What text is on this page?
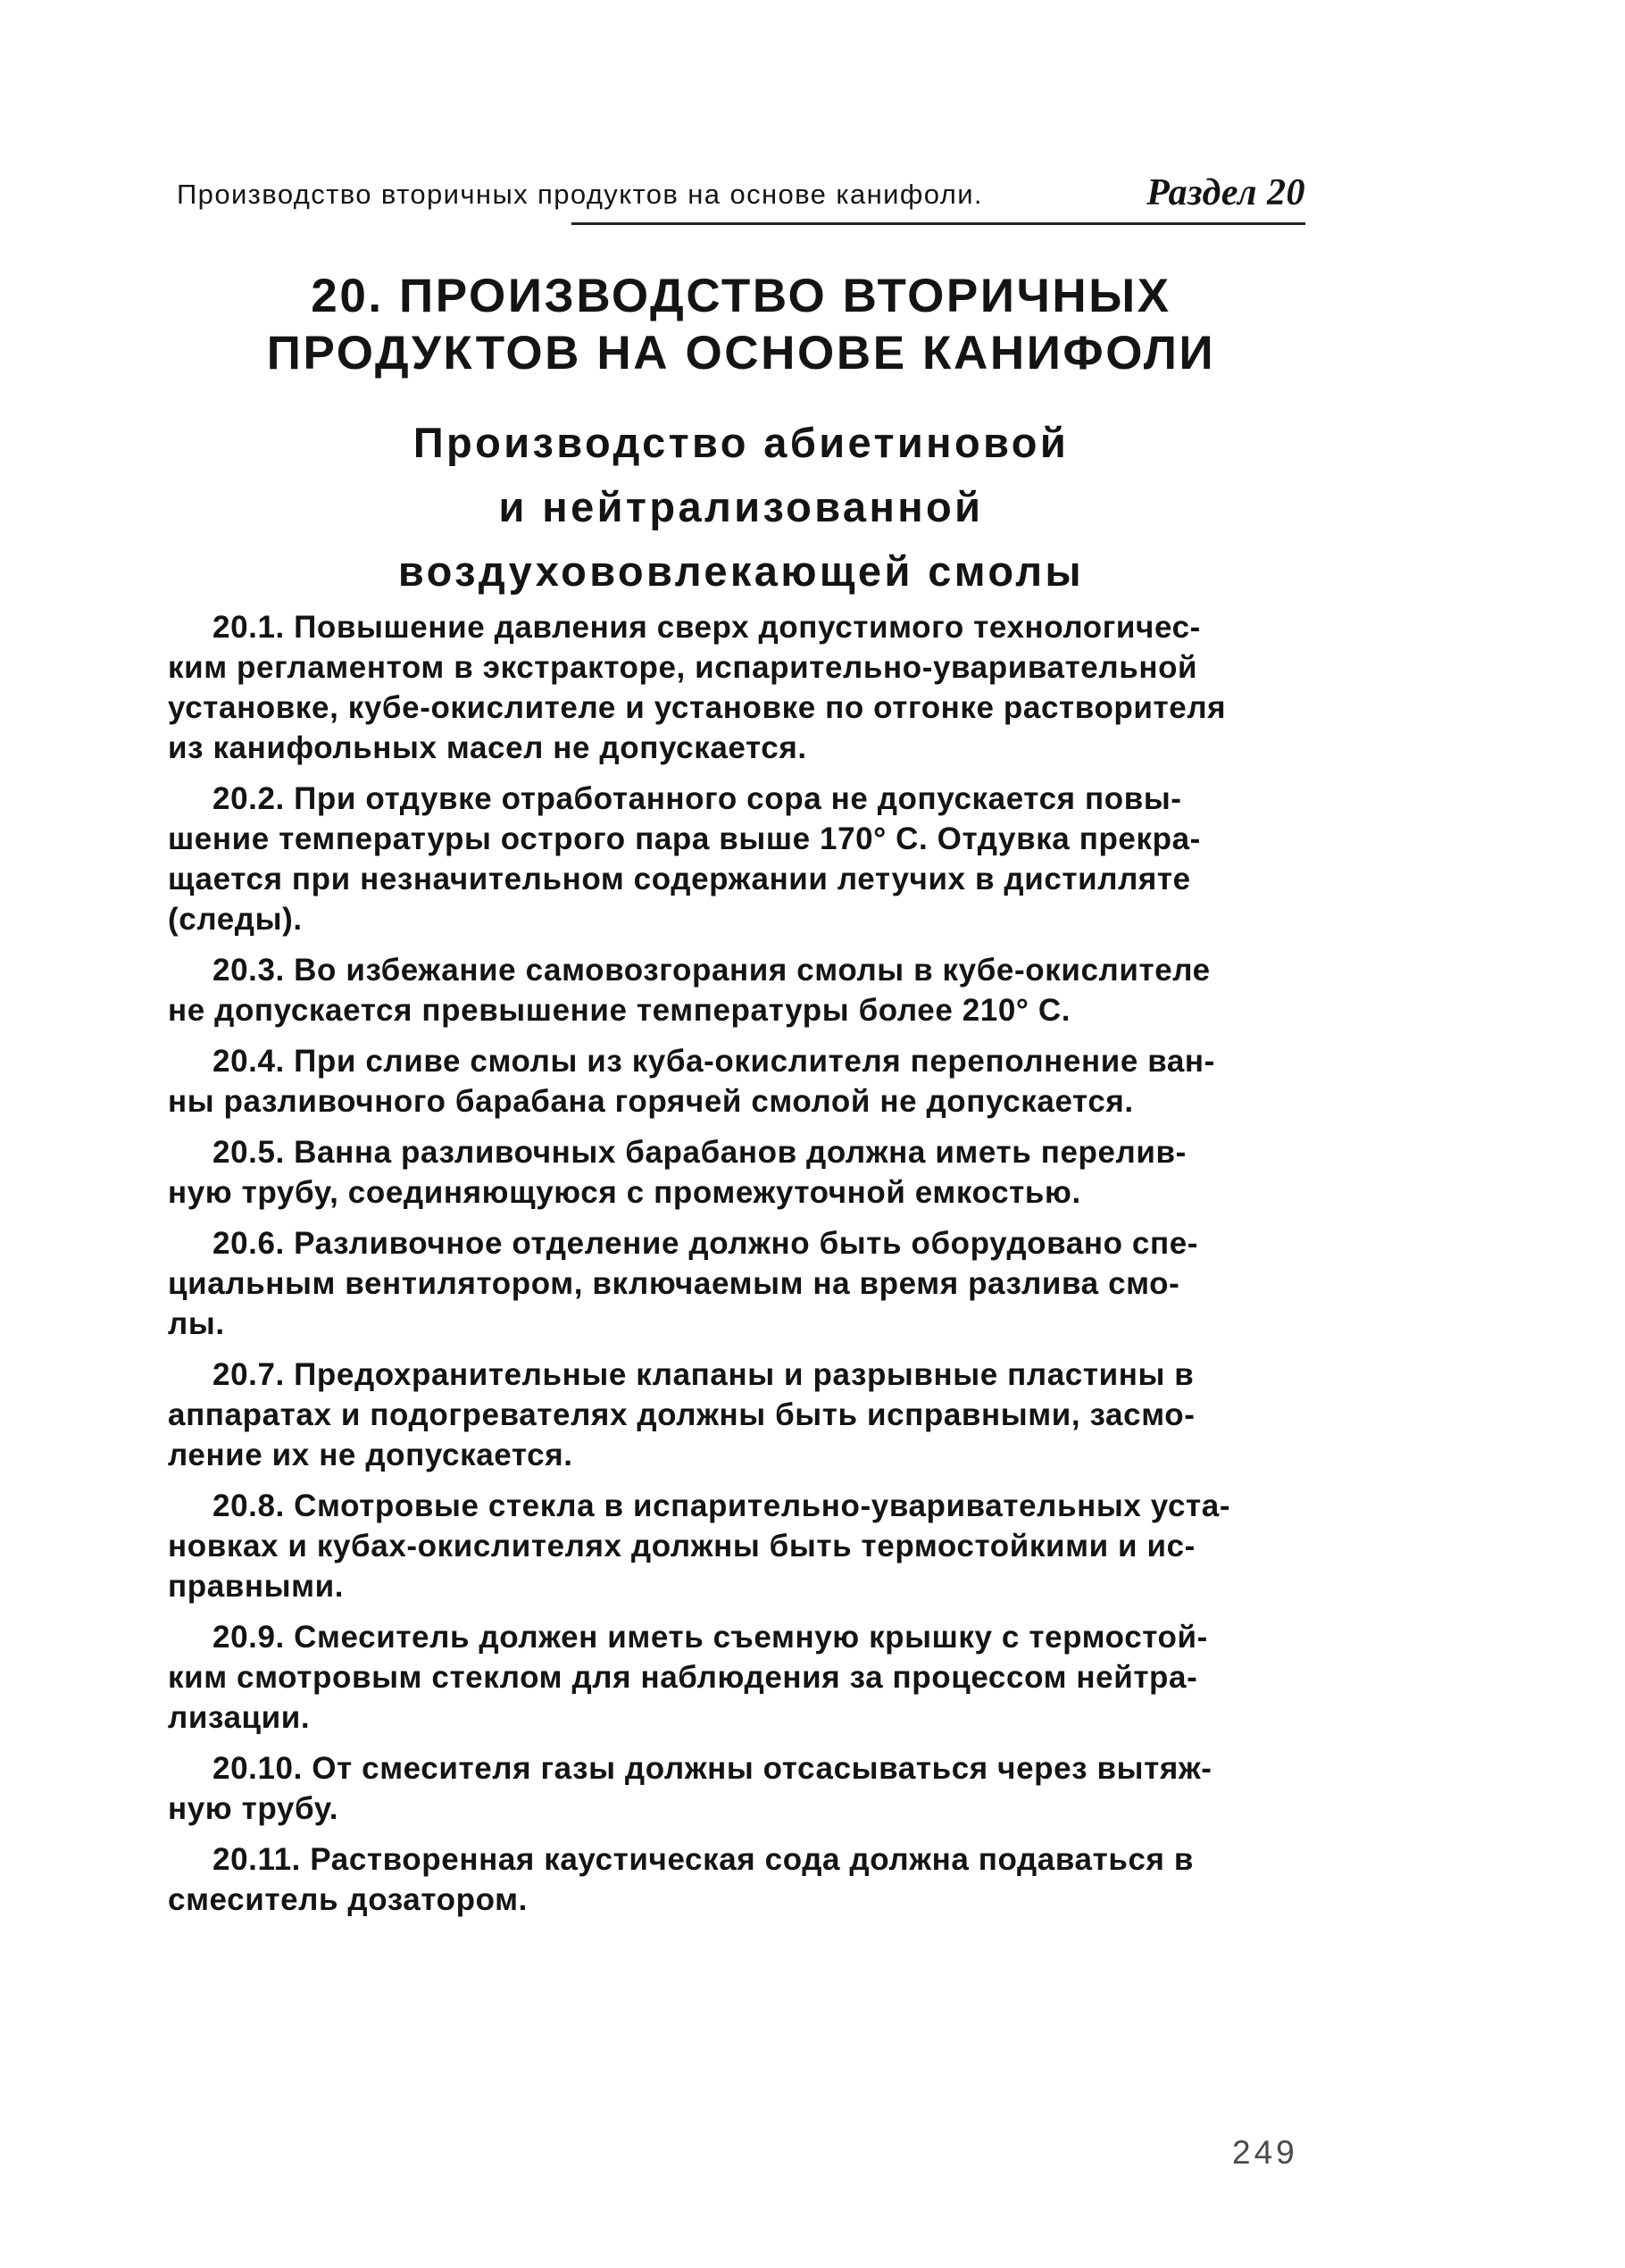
Производство вторичных продуктов на основе канифоли.	Раздел 20
20. ПРОИЗВОДСТВО ВТОРИЧНЫХ
ПРОДУКТОВ НА ОСНОВЕ КАНИФОЛИ
Производство абиетиновой
и нейтрализованной
воздухововлекающей смолы

20.1. Повышение давления сверх допустимого технологичес-
ким регламентом в экстракторе, испарительно-уваривательной
установке, кубе-окислителе и установке по отгонке растворителя
из канифольных масел не допускается.

20.2. При отдувке отработанного сора не допускается повы-
шение температуры острого пара выше 170° С. Отдувка прекра-
щается при незначительном содержании летучих в дистилляте
(следы).

20.3. Во избежание самовозгорания смолы в кубе-окислителе
не допускается превышение температуры более 210° С.

20.4. При сливе смолы из куба-окислителя переполнение ван-
ны разливочного барабана горячей смолой не допускается.

20.5. Ванна разливочных барабанов должна иметь перелив-
ную трубу, соединяющуюся с промежуточной емкостью.

20.6. Разливочное отделение должно быть оборудовано спе-
циальным вентилятором, включаемым на время разлива смо-
лы.

20.7. Предохранительные клапаны и разрывные пластины в
аппаратах и подогревателях должны быть исправными, засмо-
ление их не допускается.

20.8. Смотровые стекла в испарительно-уваривательных уста-
новках и кубах-окислителях должны быть термостойкими и ис-
правными.

20.9. Смеситель должен иметь съемную крышку с термостой-
ким смотровым стеклом для наблюдения за процессом нейтра-
лизации.

20.10. От смесителя газы должны отсасываться через вытяж-
ную трубу.

20.11. Растворенная каустическая сода должна подаваться в
смеситель дозатором.

249
